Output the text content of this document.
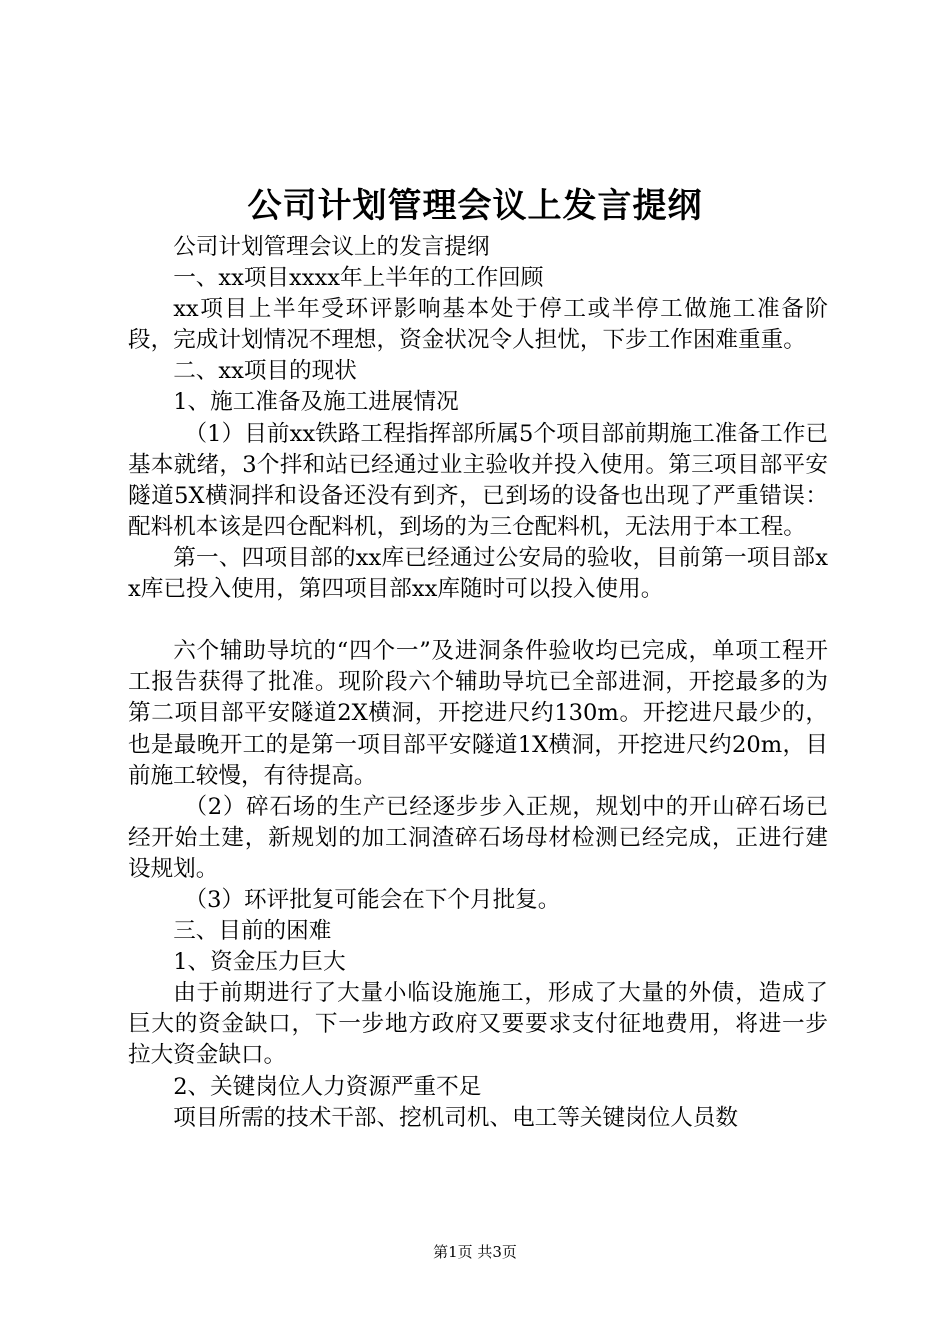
公司计划管理会议上发言提纲

公司计划管理会议上的发言提纲

一、xx项目xxxx年上半年的工作回顾

xx项目上半年受环评影响基本处于停工或半停工做施工准备阶段，完成计划情况不理想，资金状况令人担忧，下步工作困难重重。

二、xx项目的现状

1、施工准备及施工进展情况

（1）目前xx铁路工程指挥部所属5个项目部前期施工准备工作已基本就绪，3个拌和站已经通过业主验收并投入使用。第三项目部平安隧道5X横洞拌和设备还没有到齐，已到场的设备也出现了严重错误：配料机本该是四仓配料机，到场的为三仓配料机，无法用于本工程。

第一、四项目部的xx库已经通过公安局的验收，目前第一项目部xx库已投入使用，第四项目部xx库随时可以投入使用。

六个辅助导坑的“四个一”及进洞条件验收均已完成，单项工程开工报告获得了批准。现阶段六个辅助导坑已全部进洞，开挖最多的为第二项目部平安隧道2X横洞，开挖进尺约130m。开挖进尺最少的，也是最晚开工的是第一项目部平安隧道1X横洞，开挖进尺约20m，目前施工较慢，有待提高。

（2）碎石场的生产已经逐步步入正规，规划中的开山碎石场已经开始土建，新规划的加工洞渣碎石场母材检测已经完成，正进行建设规划。

（3）环评批复可能会在下个月批复。

三、目前的困难

1、资金压力巨大

由于前期进行了大量小临设施施工，形成了大量的外债，造成了巨大的资金缺口，下一步地方政府又要要求支付征地费用，将进一步拉大资金缺口。

2、关键岗位人力资源严重不足

项目所需的技术干部、挖机司机、电工等关键岗位人员数

第1页 共3页
